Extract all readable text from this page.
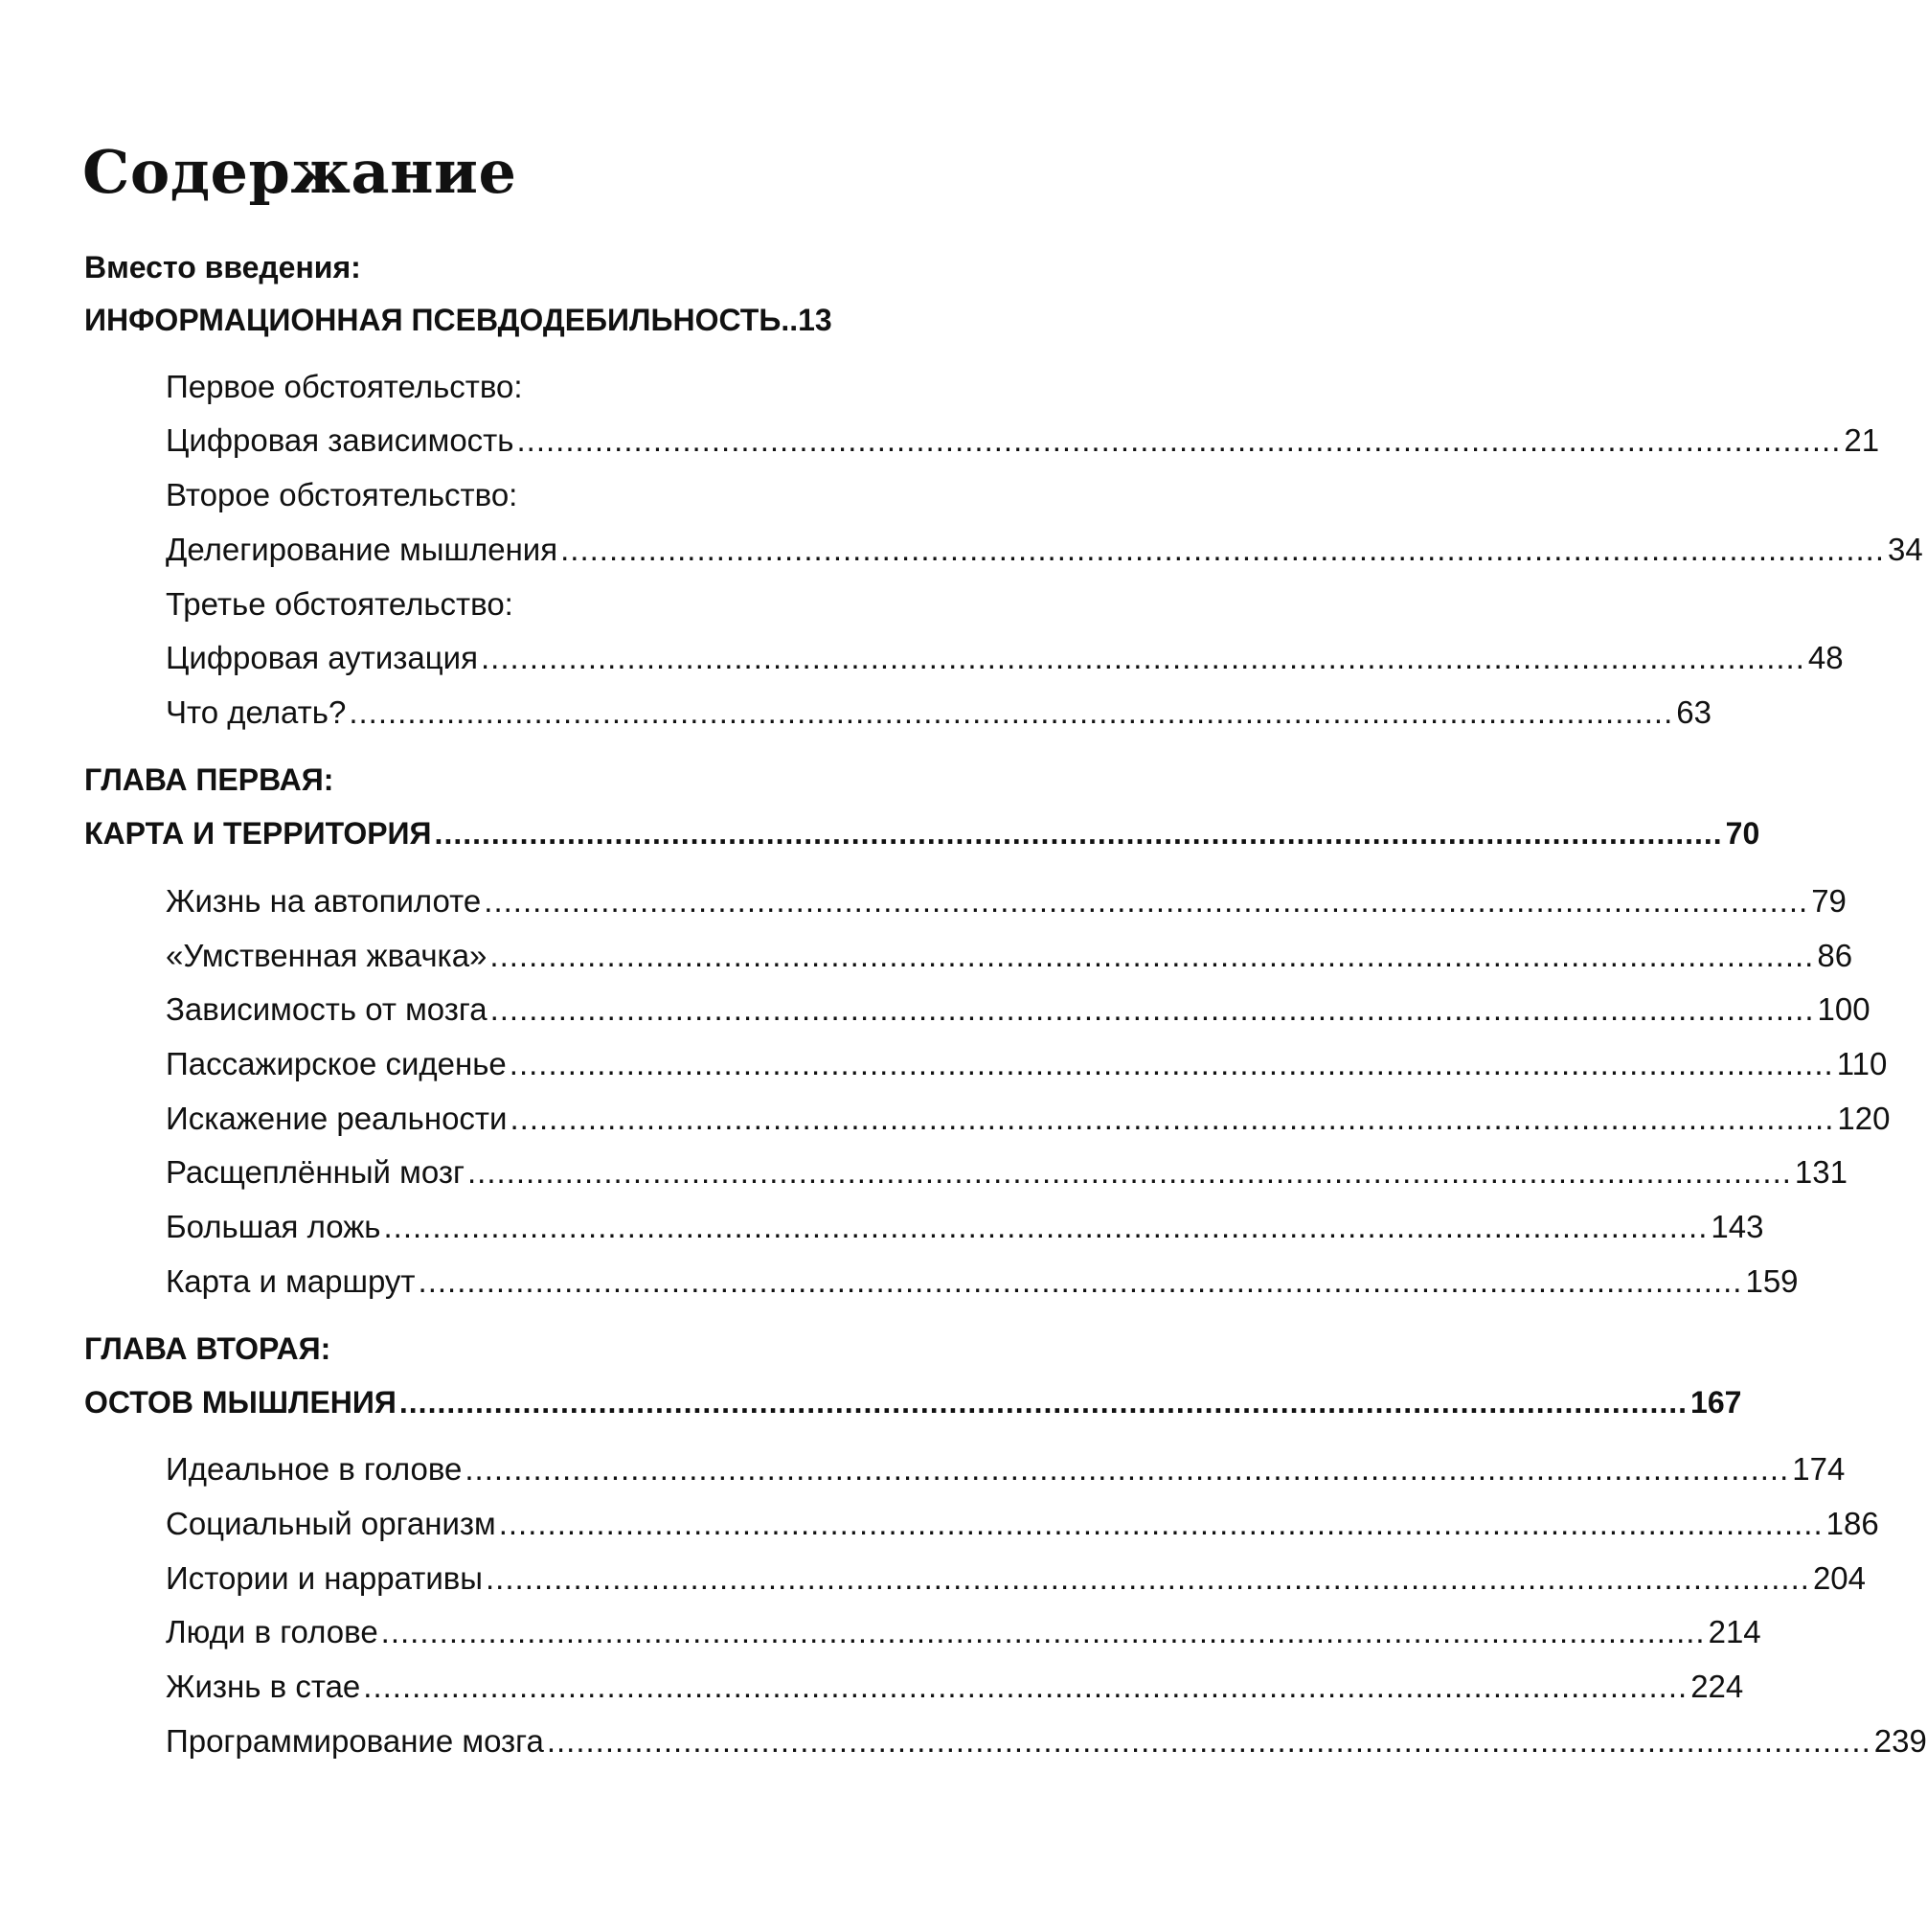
Содержание
Вместо введения:
ИНФОРМАЦИОННАЯ ПСЕВДОДЕБИЛЬНОСТЬ..13
Первое обстоятельство:
Цифровая зависимость ........................................................................................................................................ 21
Второе обстоятельство:
Делегирование мышления ........................................................................................................................................ 34
Третье обстоятельство:
Цифровая аутизация ........................................................................................................................................ 48
Что делать? ........................................................................................................................................ 63
ГЛАВА ПЕРВАЯ:
КАРТА И ТЕРРИТОРИЯ ........................................................................................................................................ 70
Жизнь на автопилоте ........................................................................................................................................ 79
«Умственная жвачка» ........................................................................................................................................ 86
Зависимость от мозга ........................................................................................................................................ 100
Пассажирское сиденье ........................................................................................................................................ 110
Искажение реальности ........................................................................................................................................ 120
Расщеплённый мозг ........................................................................................................................................ 131
Большая ложь ........................................................................................................................................ 143
Карта и маршрут ........................................................................................................................................ 159
ГЛАВА ВТОРАЯ:
ОСТОВ МЫШЛЕНИЯ ........................................................................................................................................ 167
Идеальное в голове ........................................................................................................................................ 174
Социальный организм ........................................................................................................................................ 186
Истории и нарративы ........................................................................................................................................ 204
Люди в голове ........................................................................................................................................ 214
Жизнь в стае ........................................................................................................................................ 224
Программирование мозга ........................................................................................................................................ 239
